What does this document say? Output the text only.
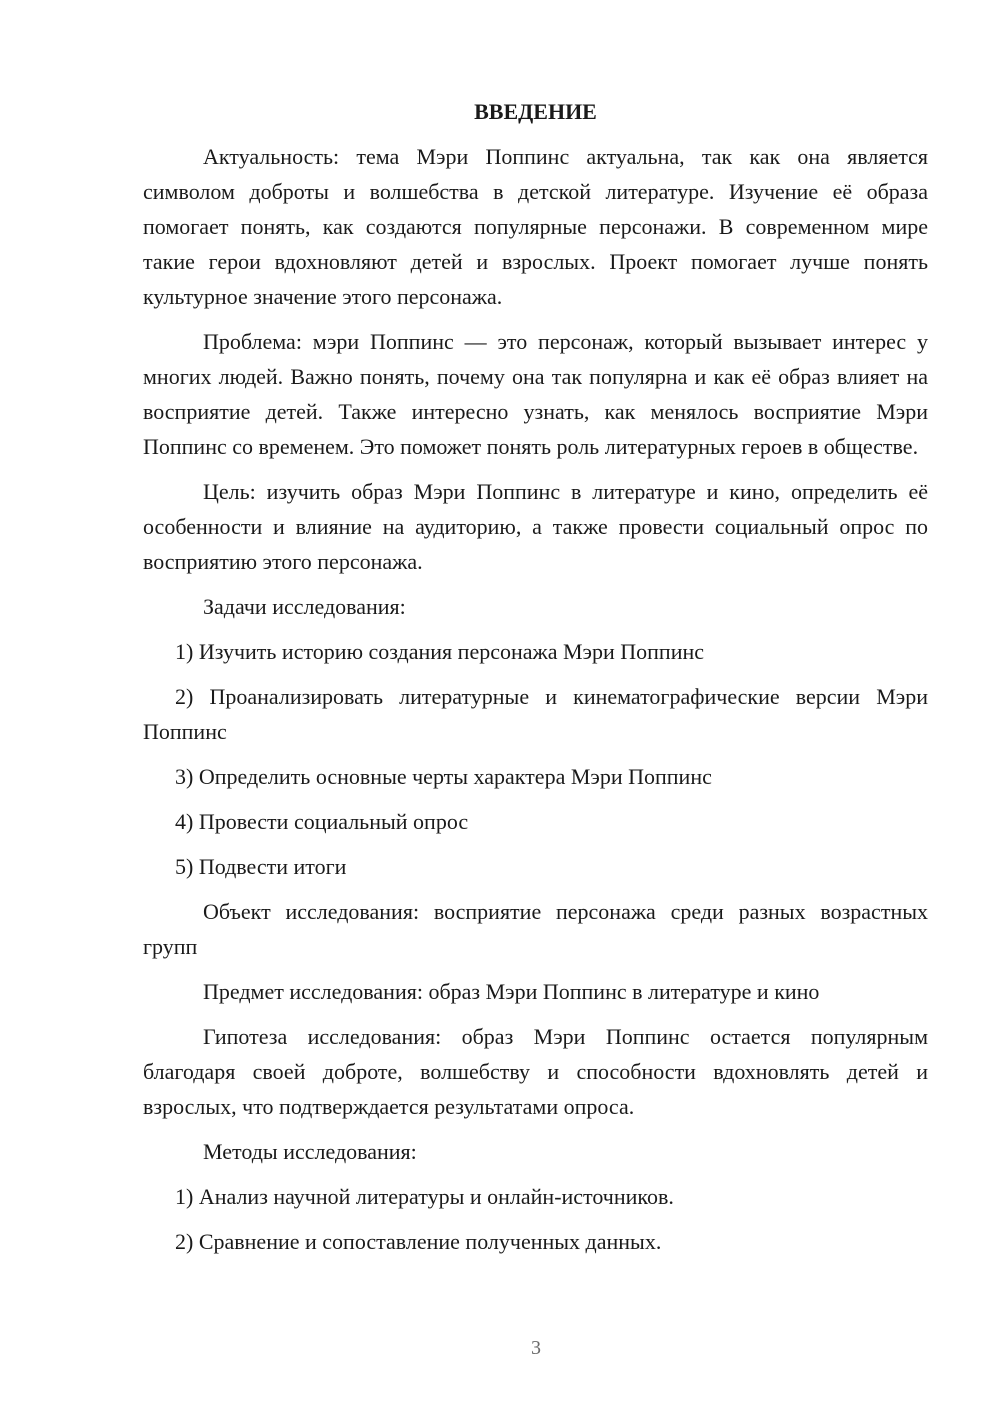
ВВЕДЕНИЕ

Актуальность: тема Мэри Поппинс актуальна, так как она является символом доброты и волшебства в детской литературе. Изучение её образа помогает понять, как создаются популярные персонажи. В современном мире такие герои вдохновляют детей и взрослых. Проект помогает лучше понять культурное значение этого персонажа.

Проблема: мэри Поппинс — это персонаж, который вызывает интерес у многих людей. Важно понять, почему она так популярна и как её образ влияет на восприятие детей. Также интересно узнать, как менялось восприятие Мэри Поппинс со временем. Это поможет понять роль литературных героев в обществе.

Цель: изучить образ Мэри Поппинс в литературе и кино, определить её особенности и влияние на аудиторию, а также провести социальный опрос по восприятию этого персонажа.

Задачи исследования:

1) Изучить историю создания персонажа Мэри Поппинс

2) Проанализировать литературные и кинематографические версии Мэри Поппинс

3) Определить основные черты характера Мэри Поппинс

4) Провести социальный опрос

5) Подвести итоги

Объект исследования: восприятие персонажа среди разных возрастных групп

Предмет исследования: образ Мэри Поппинс в литературе и кино

Гипотеза исследования: образ Мэри Поппинс остается популярным благодаря своей доброте, волшебству и способности вдохновлять детей и взрослых, что подтверждается результатами опроса.

Методы исследования:

1) Анализ научной литературы и онлайн-источников.

2) Сравнение и сопоставление полученных данных.

3
